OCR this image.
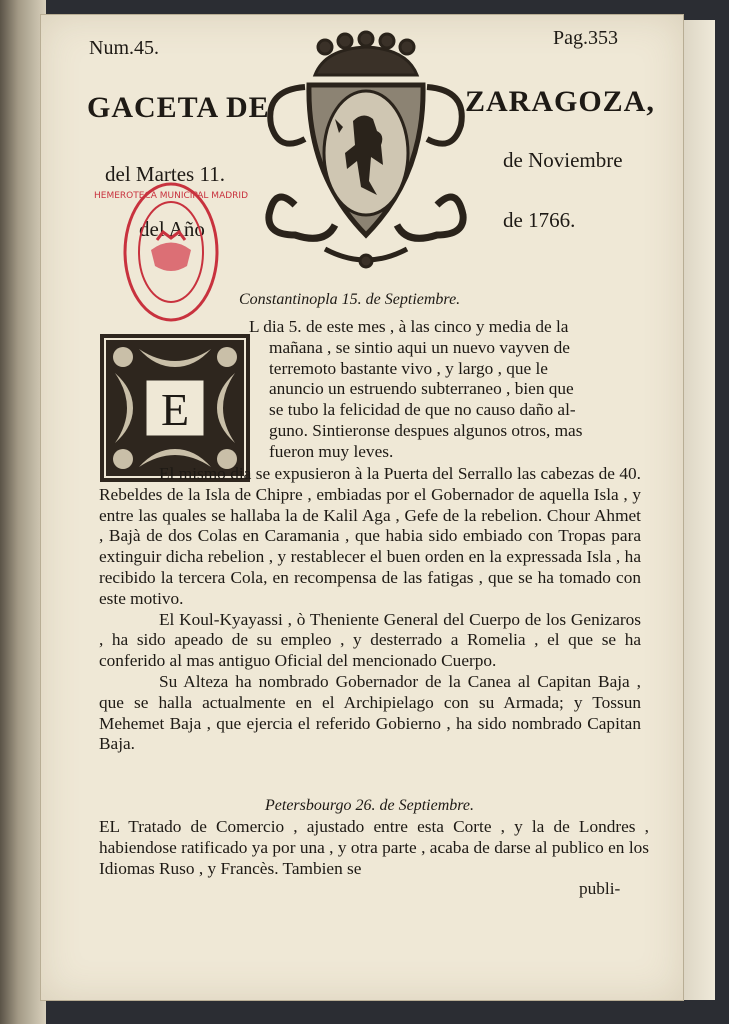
Num.45.	Pag.353
GACETA DE	ZARAGOZA,
del Martes 11.
de Noviembre
del Año	de 1766.
HEMEROTECA MUNICIPAL MADRID
Constantinopla 15. de Septiembre.
E
L dia 5. de este mes , à las cinco y media de la
mañana , se sintio aqui un nuevo vayven de
terremoto bastante vivo , y largo , que le
anuncio un estruendo subterraneo , bien que
se tubo la felicidad de que no causo daño al-
guno. Sintieronse despues algunos otros, mas
fueron muy leves.

El mismo dia se expusieron à la Puerta del Serrallo las cabezas de 40. Rebeldes de la Isla de Chipre , embiadas por el Gobernador de aquella Isla , y entre las quales se hallaba la de Kalil Aga , Gefe de la rebelion. Chour Ahmet , Bajà de dos Colas en Caramania , que habia sido embiado con Tropas para extinguir dicha rebelion , y restablecer el buen orden en la expressada Isla , ha recibido la tercera Cola, en recompensa de las fatigas , que se ha tomado con este motivo.

El Koul-Kyayassi , ò Theniente General del Cuerpo de los Genizaros , ha sido apeado de su empleo , y desterrado a Romelia , el que se ha conferido al mas antiguo Oficial del mencionado Cuerpo.

Su Alteza ha nombrado Gobernador de la Canea al Capitan Baja , que se halla actualmente en el Archipielago con su Armada; y Tossun Mehemet Baja , que ejercia el referido Gobierno , ha sido nombrado Capitan Baja.

Petersbourgo 26. de Septiembre.

EL Tratado de Comercio , ajustado entre esta Corte , y la de Londres , habiendose ratificado ya por una , y otra parte , acaba de darse al publico en los Idiomas Ruso , y Francès. Tambien se

publi-
